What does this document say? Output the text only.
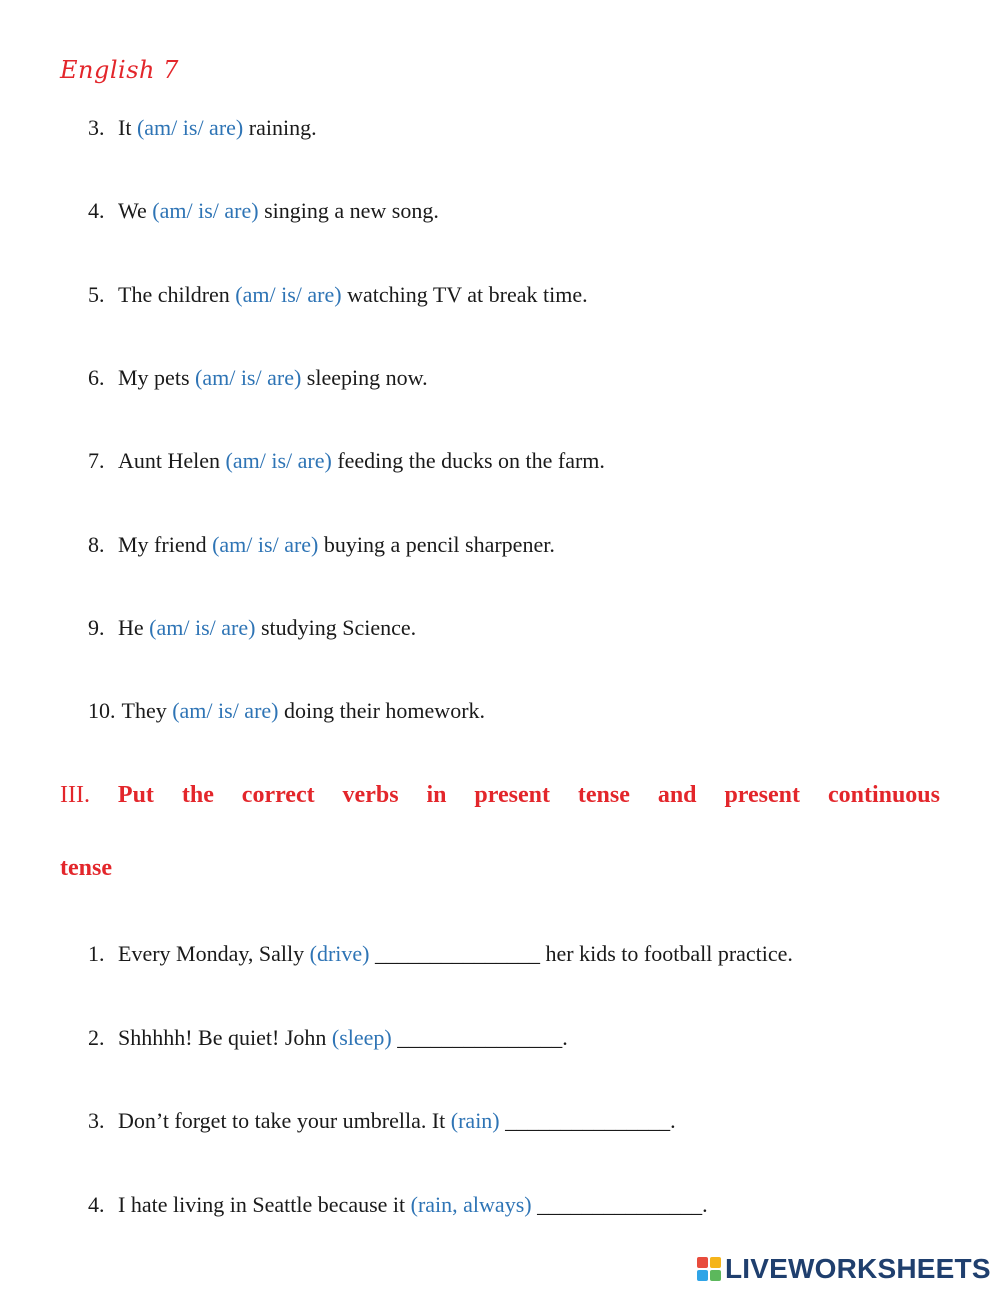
English 7
3. It (am/ is/ are) raining.
4. We (am/ is/ are) singing a new song.
5. The children (am/ is/ are) watching TV at break time.
6. My pets (am/ is/ are) sleeping now.
7. Aunt Helen (am/ is/ are) feeding the ducks on the farm.
8. My friend (am/ is/ are) buying a pencil sharpener.
9. He (am/ is/ are) studying Science.
10. They (am/ is/ are) doing their homework.
III. Put the correct verbs in present tense and present continuous
tense
1. Every Monday, Sally (drive) _______________ her kids to football practice.
2. Shhhhh! Be quiet! John (sleep) _______________.
3. Don’t forget to take your umbrella. It (rain) _______________.
4. I hate living in Seattle because it (rain, always) _______________.
LIVEWORKSHEETS
